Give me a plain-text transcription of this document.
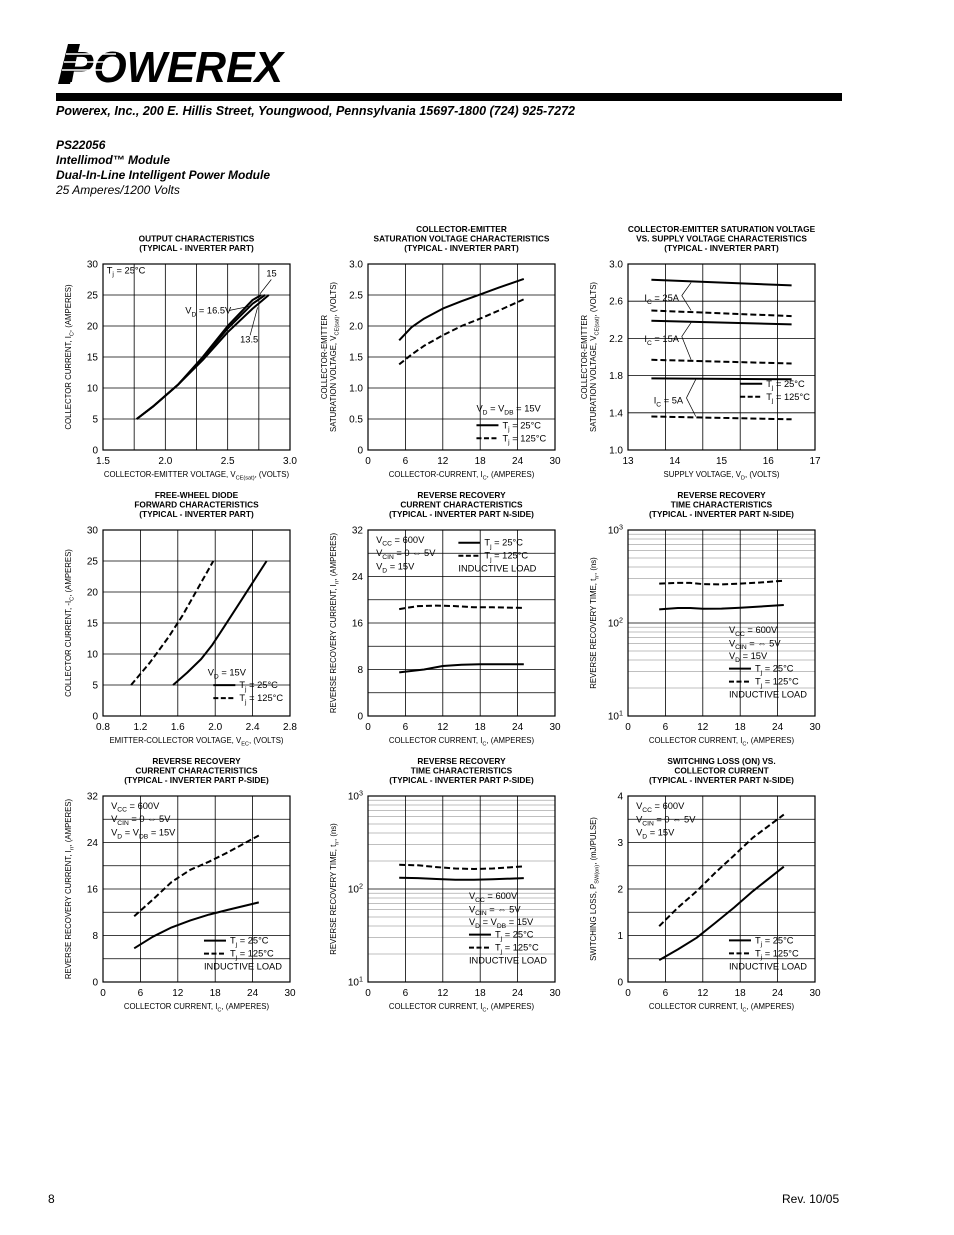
POWEREX
Powerex, Inc., 200 E. Hillis Street, Youngwood, Pennsylvania 15697-1800 (724) 925-7272
PS22056
Intellimod™ Module
Dual-In-Line Intelligent Power Module
25 Amperes/1200 Volts
OUTPUT CHARACTERISTICS
(TYPICAL - INVERTER PART)
1.5	2.0	2.5	3.0
0
5
10
15
20
25
30
COLLECTOR-EMITTER VOLTAGE, $V_{CE(sat)}$, (VOLTS)
COLLECTOR CURRENT, $I_C$, (AMPERES)
$T_j = 25^\circ C$	15
$V_D = 16.5V$
13.5
COLLECTOR-EMITTER
SATURATION VOLTAGE CHARACTERISTICS
(TYPICAL - INVERTER PART)
0	6	12	18	24	30
0
0.5
1.0
1.5
2.0
2.5
3.0
COLLECTOR-CURRENT, $I_C$, (AMPERES)
COLLECTOR-EMITTER SATURATION VOLTAGE, $V_{CE(sat)}$, (VOLTS)
$V_D = V_{DB} = 15V$
$T_j = 25^\circ C$
$T_j = 125^\circ C$
COLLECTOR-EMITTER SATURATION VOLTAGE
VS. SUPPLY VOLTAGE CHARACTERISTICS
(TYPICAL - INVERTER PART)
13	14	15	16	17
1.0
1.4
1.8
2.2
2.6
3.0
SUPPLY VOLTAGE, $V_D$, (VOLTS)
COLLECTOR-EMITTER SATURATION VOLTAGE, $V_{CE(sat)}$, (VOLTS)	$I_C = 25A$
$I_C = 15A$
$I_C = 5A$
$T_j = 25^\circ C$
$T_j = 125^\circ C$
FREE-WHEEL DIODE
FORWARD CHARACTERISTICS
(TYPICAL - INVERTER PART)
0.8 1.2 1.6 2.0 2.4 2.8
0
5
10
15
20
25
30
EMITTER-COLLECTOR VOLTAGE, $V_{EC}$, (VOLTS)
COLLECTOR CURRENT, $-I_C$, (AMPERES)
$V_D = 15V$
$T_j = 25^\circ C$
$T_j = 125^\circ C$
REVERSE RECOVERY
CURRENT CHARACTERISTICS
(TYPICAL - INVERTER PART N-SIDE)
0	6	12	18	24	30
0
8
16
24
32
COLLECTOR CURRENT, $I_C$, (AMPERES)
REVERSE RECOVERY CURRENT, $I_{rr}$, (AMPERES)	$V_{CC} = 600V$
$V_{CIN} = 0$ ⇔ 5V
$V_D = 15V$
$T_j = 25^\circ C$
$T_j = 125^\circ C$
INDUCTIVE LOAD
REVERSE RECOVERY
TIME CHARACTERISTICS
(TYPICAL - INVERTER PART N-SIDE)
0	6	12	18	24	30
$10^1$
$10^2$
$10^3$
COLLECTOR CURRENT, $I_C$, (AMPERES)
REVERSE RECOVERY TIME, $t_{rr}$, (ns)
$V_{CC} = 600V$
$V_{CIN}$ = ⇔ 5V
$V_D = 15V$
$T_j = 25^\circ C$
$T_j = 125^\circ C$
INDUCTIVE LOAD
REVERSE RECOVERY
CURRENT CHARACTERISTICS
(TYPICAL - INVERTER PART P-SIDE)
0	6	12	18	24	30
0
8
16
24
32
COLLECTOR CURRENT, $I_C$, (AMPERES)
REVERSE RECOVERY CURRENT, $I_{rr}$, (AMPERES)	$V_{CC} = 600V$
$V_{CIN} = 0$ ⇔ 5V
$V_D = V_{DB} = 15V$
$T_j = 25^\circ C$
$T_j = 125^\circ C$
INDUCTIVE LOAD
REVERSE RECOVERY
TIME CHARACTERISTICS
(TYPICAL - INVERTER PART P-SIDE)
0	6	12	18	24	30
$10^1$
$10^2$
$10^3$
COLLECTOR CURRENT, $I_C$, (AMPERES)
REVERSE RECOVERY TIME, $t_{rr}$, (ns)
$V_{CC} = 600V$
$V_{CIN}$ = ⇔ 5V
$V_D = V_{DB} = 15V$
$T_j = 25^\circ C$
$T_j = 125^\circ C$
INDUCTIVE LOAD
SWITCHING LOSS (ON) VS.
COLLECTOR CURRENT
(TYPICAL - INVERTER PART N-SIDE)
0	6	12	18	24	30
0
1
2
3
4
COLLECTOR CURRENT, $I_C$, (AMPERES)
SWITCHING LOSS, $P_{SW(on)}$, (mJ/PULSE)
$V_{CC} = 600V$
$V_{CIN} = 0$ ⇔ 5V
$V_D = 15V$
$T_j = 25^\circ C$
$T_j = 125^\circ C$
INDUCTIVE LOAD
8	Rev. 10/05
